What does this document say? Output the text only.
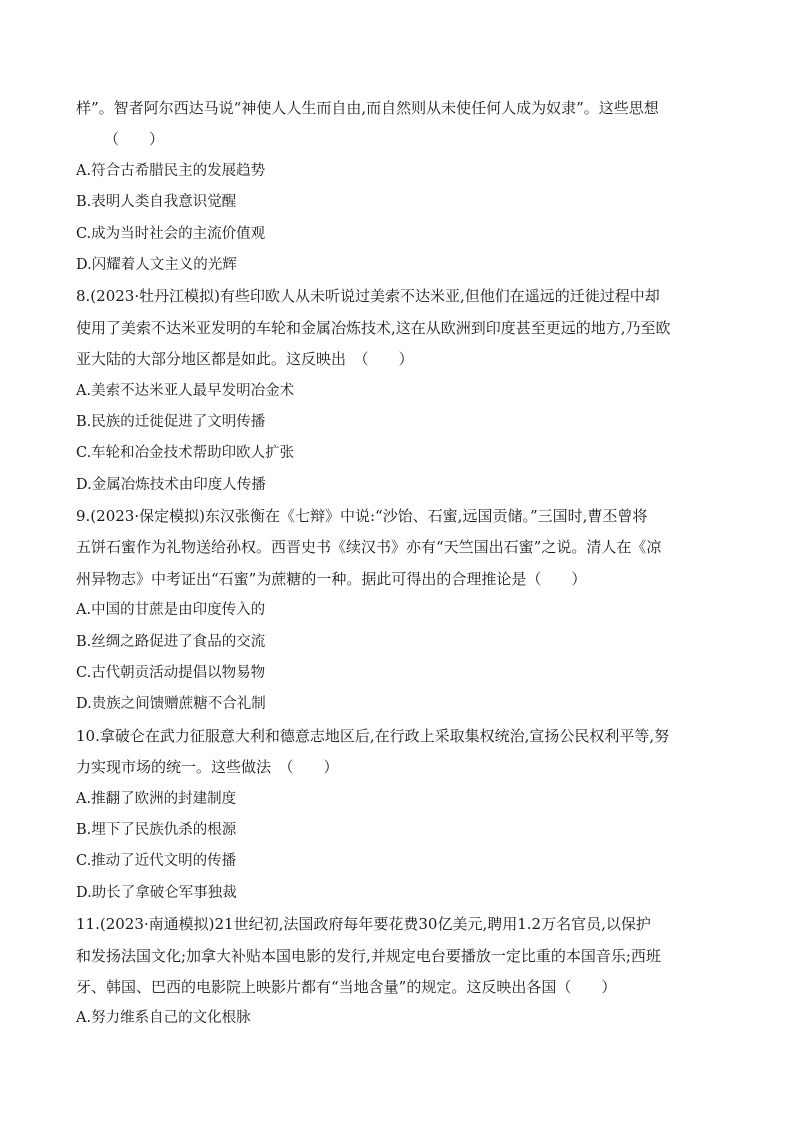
样”。智者阿尔西达马说“神使人人生而自由,而自然则从未使任何人成为奴隶”。这些思想
（　　）
A.符合古希腊民主的发展趋势
B.表明人类自我意识觉醒
C.成为当时社会的主流价值观
D.闪耀着人文主义的光辉
8.(2023·牡丹江模拟)有些印欧人从未听说过美索不达米亚,但他们在遥远的迁徙过程中却
使用了美索不达米亚发明的车轮和金属冶炼技术,这在从欧洲到印度甚至更远的地方,乃至欧
亚大陆的大部分地区都是如此。这反映出　（　　）
A.美索不达米亚人最早发明冶金术
B.民族的迁徙促进了文明传播
C.车轮和冶金技术帮助印欧人扩张
D.金属冶炼技术由印度人传播
9.(2023·保定模拟)东汉张衡在《七辩》中说:“沙饴、石蜜,远国贡储。”三国时,曹丕曾将
五饼石蜜作为礼物送给孙权。西晋史书《续汉书》亦有“天竺国出石蜜”之说。清人在《凉
州异物志》中考证出“石蜜”为蔗糖的一种。据此可得出的合理推论是（　　）
A.中国的甘蔗是由印度传入的
B.丝绸之路促进了食品的交流
C.古代朝贡活动提倡以物易物
D.贵族之间馈赠蔗糖不合礼制
10.拿破仑在武力征服意大利和德意志地区后,在行政上采取集权统治,宣扬公民权利平等,努
力实现市场的统一。这些做法　（　　）
A.推翻了欧洲的封建制度
B.埋下了民族仇杀的根源
C.推动了近代文明的传播
D.助长了拿破仑军事独裁
11.(2023·南通模拟)21世纪初,法国政府每年要花费30亿美元,聘用1.2万名官员,以保护
和发扬法国文化;加拿大补贴本国电影的发行,并规定电台要播放一定比重的本国音乐;西班
牙、韩国、巴西的电影院上映影片都有“当地含量”的规定。这反映出各国（　　）
A.努力维系自己的文化根脉
